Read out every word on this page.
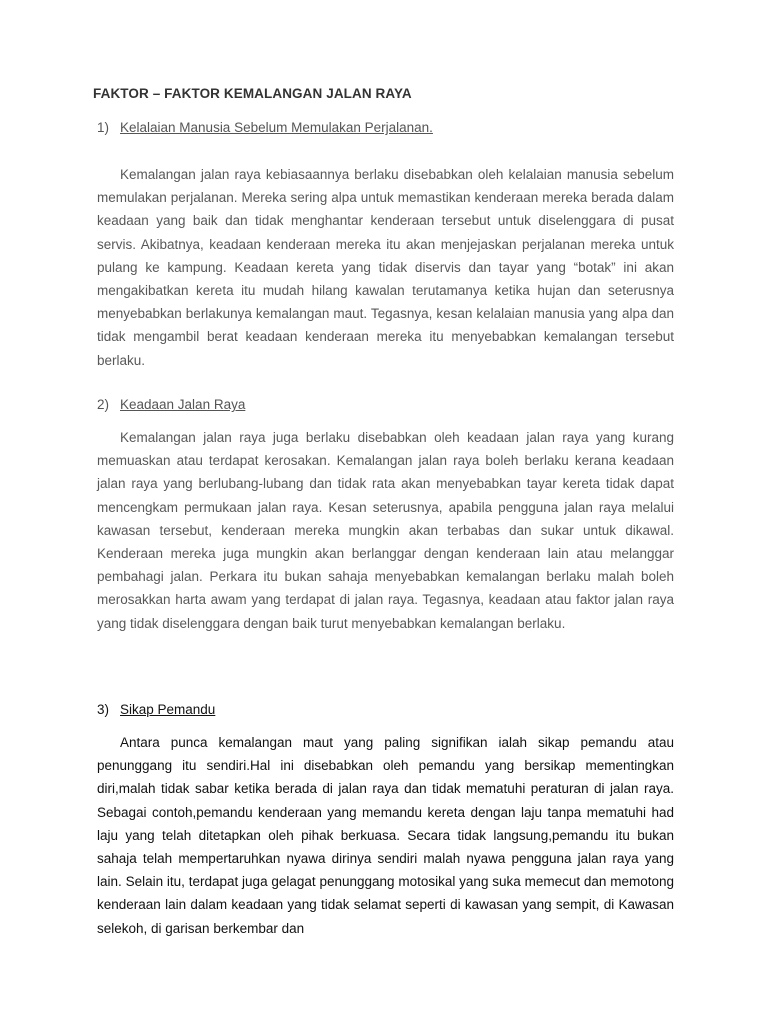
FAKTOR – FAKTOR KEMALANGAN JALAN RAYA
1) Kelalaian Manusia Sebelum Memulakan Perjalanan.

Kemalangan jalan raya kebiasaannya berlaku disebabkan oleh kelalaian manusia sebelum memulakan perjalanan. Mereka sering alpa untuk memastikan kenderaan mereka berada dalam keadaan yang baik dan tidak menghantar kenderaan tersebut untuk diselenggara di pusat servis. Akibatnya, keadaan kenderaan mereka itu akan menjejaskan perjalanan mereka untuk pulang ke kampung. Keadaan kereta yang tidak diservis dan tayar yang “botak” ini akan mengakibatkan kereta itu mudah hilang kawalan terutamanya ketika hujan dan seterusnya menyebabkan berlakunya kemalangan maut. Tegasnya, kesan kelalaian manusia yang alpa dan tidak mengambil berat keadaan kenderaan mereka itu menyebabkan kemalangan tersebut berlaku.

2) Keadaan Jalan Raya

Kemalangan jalan raya juga berlaku disebabkan oleh keadaan jalan raya yang kurang memuaskan atau terdapat kerosakan. Kemalangan jalan raya boleh berlaku kerana keadaan jalan raya yang berlubang-lubang dan tidak rata akan menyebabkan tayar kereta tidak dapat mencengkam permukaan jalan raya. Kesan seterusnya, apabila pengguna jalan raya melalui kawasan tersebut, kenderaan mereka mungkin akan terbabas dan sukar untuk dikawal. Kenderaan mereka juga mungkin akan berlanggar dengan kenderaan lain atau melanggar pembahagi jalan. Perkara itu bukan sahaja menyebabkan kemalangan berlaku malah boleh merosakkan harta awam yang terdapat di jalan raya. Tegasnya, keadaan atau faktor jalan raya yang tidak diselenggara dengan baik turut menyebabkan kemalangan berlaku.

3) Sikap Pemandu

Antara punca kemalangan maut yang paling signifikan ialah sikap pemandu atau penunggang itu sendiri.Hal ini disebabkan oleh pemandu yang bersikap mementingkan diri,malah tidak sabar ketika berada di jalan raya dan tidak mematuhi peraturan di jalan raya. Sebagai contoh,pemandu kenderaan yang memandu kereta dengan laju tanpa mematuhi had laju yang telah ditetapkan oleh pihak berkuasa. Secara tidak langsung,pemandu itu bukan sahaja telah mempertaruhkan nyawa dirinya sendiri malah nyawa pengguna jalan raya yang lain. Selain itu, terdapat juga gelagat penunggang motosikal yang suka memecut dan memotong kenderaan lain dalam keadaan yang tidak selamat seperti di kawasan yang sempit, di Kawasan selekoh, di garisan berkembar dan
